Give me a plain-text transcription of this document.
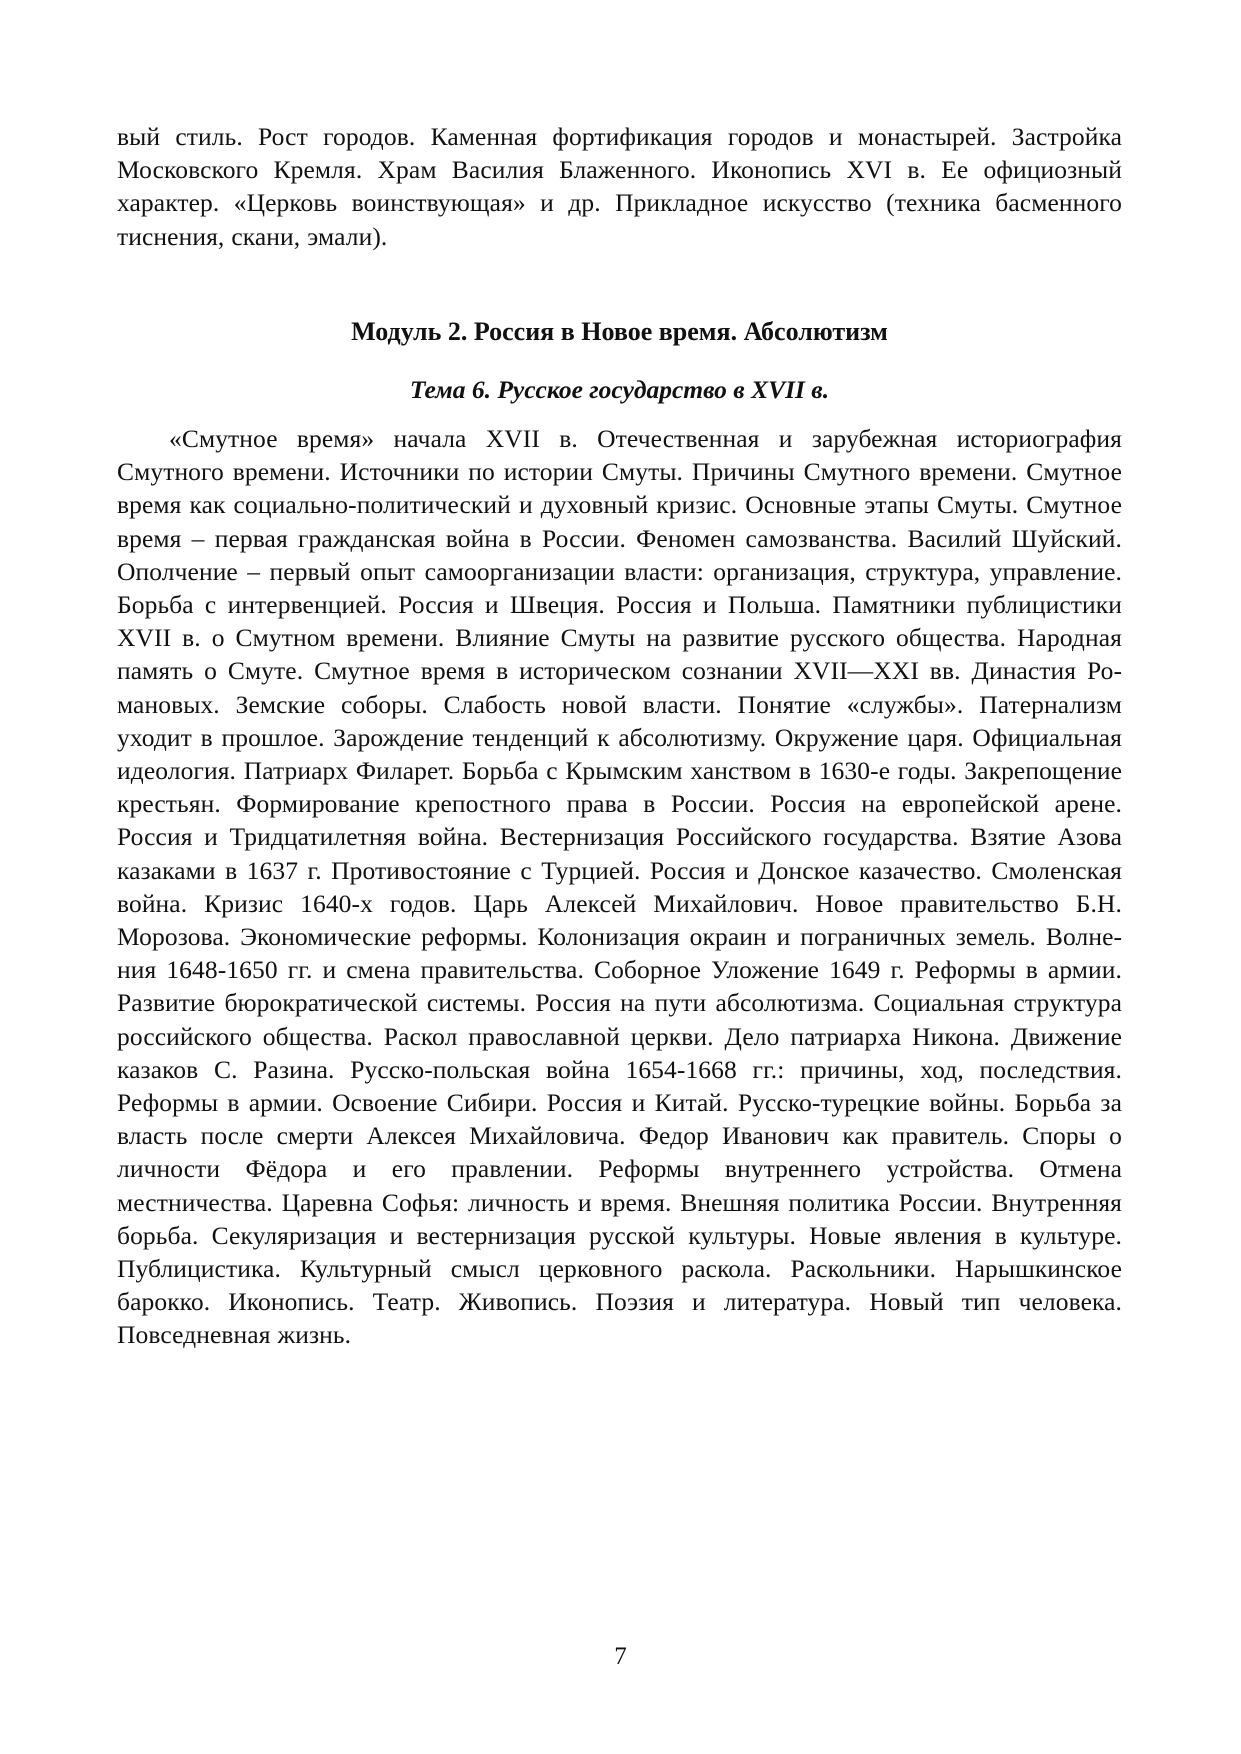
вый стиль. Рост городов. Каменная фортификация городов и монастырей. Застройка Московского Кремля. Храм Василия Блаженного. Иконопись XVI в. Ее официозный характер. «Церковь воинствующая» и др. Прикладное искусство (техника басменного тиснения, скани, эмали).

Модуль 2. Россия в Новое время. Абсолютизм
Тема 6. Русское государство в XVII в.

«Смутное время» начала XVII в. Отечественная и зарубежная историография Смутного времени. Источники по истории Смуты. Причины Смутного времени. Смутное время как социально-политический и духовный кризис. Основные этапы Смуты. Смутное время – первая гражданская война в России. Феномен самозванства. Василий Шуйский. Ополчение – первый опыт самоорганизации власти: организация, структура, управление. Борьба с интервенцией. Россия и Швеция. Россия и Польша. Памятники публицистики XVII в. о Смутном времени. Влияние Смуты на развитие русского общества. Народная память о Смуте. Смутное время в историческом сознании XVII—XXI вв. Династия Романовых. Земские соборы. Слабость новой власти. Понятие «службы». Патернализм уходит в прошлое. Зарождение тенденций к абсолютизму. Окружение царя. Официальная идеология. Патриарх Филарет. Борьба с Крымским ханством в 1630-е годы. Закрепощение крестьян. Формирование крепостного права в России. Россия на европейской арене. Россия и Тридцатилетняя война. Вестернизация Российского государства. Взятие Азова казаками в 1637 г. Противостояние с Турцией. Россия и Донское казачество. Смоленская война. Кризис 1640-х годов. Царь Алексей Михайлович. Новое правительство Б.Н. Морозова. Экономические реформы. Колонизация окраин и пограничных земель. Волнения 1648-1650 гг. и смена правительства. Соборное Уложение 1649 г. Реформы в армии. Развитие бюрократической системы. Россия на пути абсолютизма. Социальная структура российского общества. Раскол православной церкви. Дело патриарха Никона. Движение казаков С. Разина. Русско-польская война 1654-1668 гг.: причины, ход, последствия. Реформы в армии. Освоение Сибири. Россия и Китай. Русско-турецкие войны. Борьба за власть после смерти Алексея Михайловича. Федор Иванович как правитель. Споры о личности Фёдора и его правлении. Реформы внутреннего устройства. Отмена местничества. Царевна Софья: личность и время. Внешняя политика России. Внутренняя борьба. Секуляризация и вестернизация русской культуры. Новые явления в культуре. Публицистика. Культурный смысл церковного раскола. Раскольники. Нарышкинское барокко. Иконопись. Театр. Живопись. Поэзия и литература. Новый тип человека. Повседневная жизнь.

7
